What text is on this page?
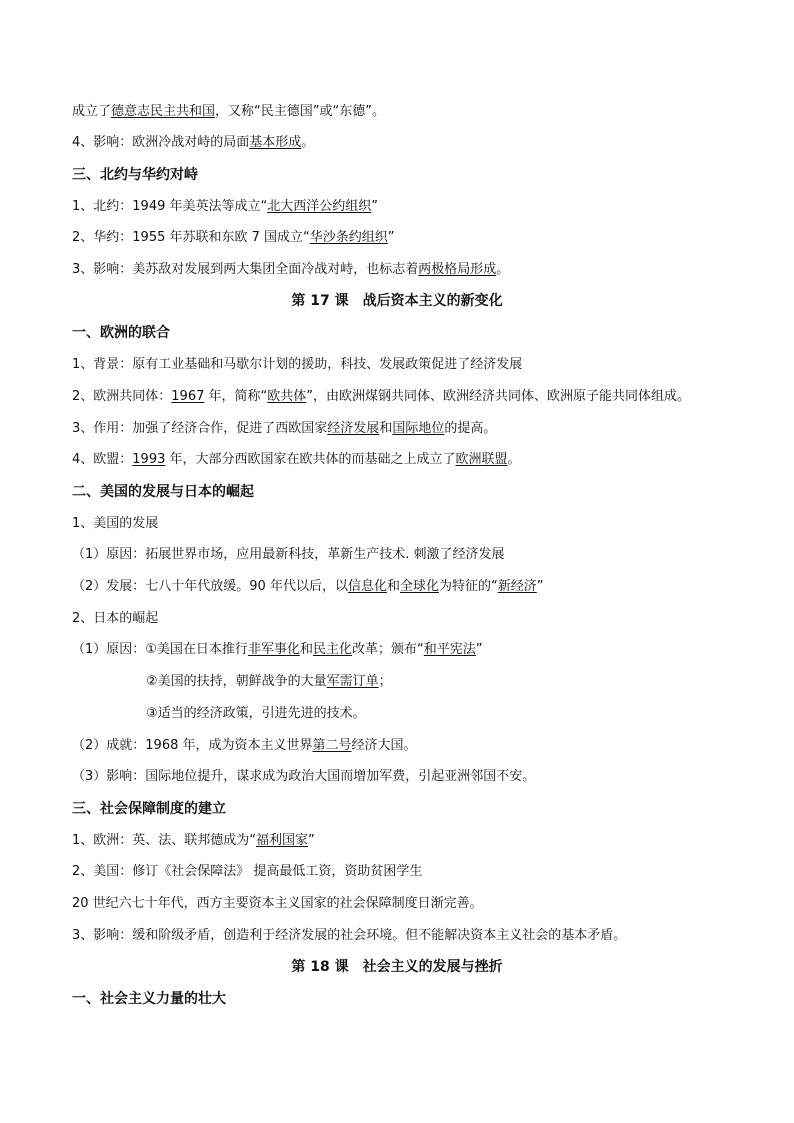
成立了德意志民主共和国，又称“民主德国”或“东德”。
4、影响：欧洲冷战对峙的局面基本形成。
三、北约与华约对峙
1、北约：1949 年美英法等成立“北大西洋公约组织”
2、华约：1955 年苏联和东欧 7 国成立“华沙条约组织”
3、影响：美苏敌对发展到两大集团全面冷战对峙，也标志着两极格局形成。
第 17 课　战后资本主义的新变化
一、欧洲的联合
1、背景：原有工业基础和马歇尔计划的援助，科技、发展政策促进了经济发展
2、欧洲共同体：1967 年，简称“欧共体”，由欧洲煤钢共同体、欧洲经济共同体、欧洲原子能共同体组成。
3、作用：加强了经济合作，促进了西欧国家经济发展和国际地位的提高。
4、欧盟：1993 年，大部分西欧国家在欧共体的而基础之上成立了欧洲联盟。
二、美国的发展与日本的崛起
1、美国的发展
（1）原因：拓展世界市场，应用最新科技，革新生产技术. 刺激了经济发展
（2）发展：七八十年代放缓。90 年代以后，以信息化和全球化为特征的“新经济”
2、日本的崛起
（1）原因：①美国在日本推行非军事化和民主化改革；颁布“和平宪法”
②美国的扶持，朝鲜战争的大量军需订单；
③适当的经济政策，引进先进的技术。
（2）成就：1968 年，成为资本主义世界第二号经济大国。
（3）影响：国际地位提升，谋求成为政治大国而增加军费，引起亚洲邻国不安。
三、社会保障制度的建立
1、欧洲：英、法、联邦德成为“福利国家”
2、美国：修订《社会保障法》 提高最低工资，资助贫困学生
20 世纪六七十年代，西方主要资本主义国家的社会保障制度日渐完善。
3、影响：缓和阶级矛盾，创造利于经济发展的社会环境。但不能解决资本主义社会的基本矛盾。
第 18 课　社会主义的发展与挫折
一、社会主义力量的壮大
